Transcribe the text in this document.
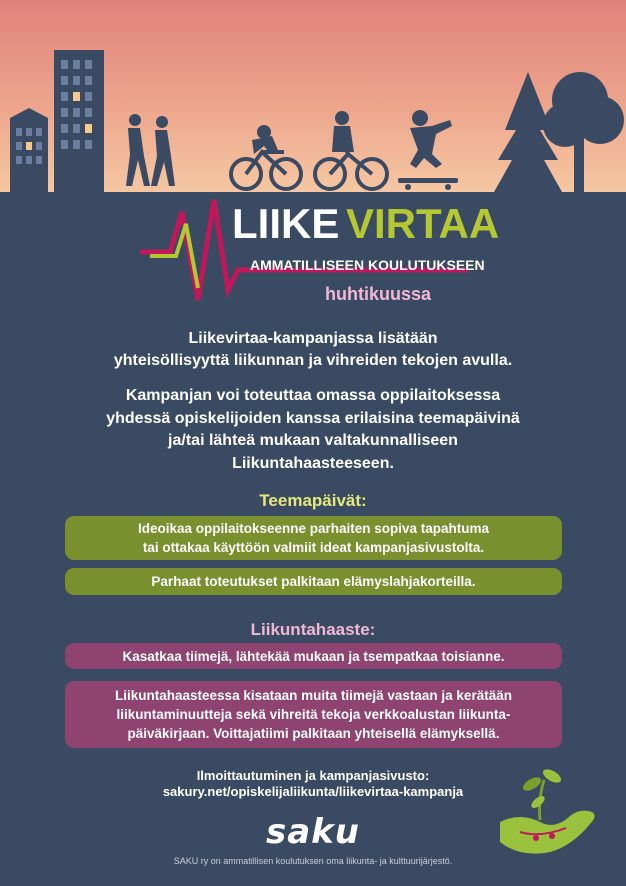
LIIKE VIRTAA
AMMATILLISEEN KOULUTUKSEEN
huhtikuussa
Liikevirtaa-kampanjassa lisätään
yhteisöllisyyttä liikunnan ja vihreiden tekojen avulla.
Kampanjan voi toteuttaa omassa oppilaitoksessa
yhdessä opiskelijoiden kanssa erilaisina teemapäivinä
ja/tai lähteä mukaan valtakunnalliseen
Liikuntahaasteeseen.
Teemapäivät:
Ideoikaa oppilaitokseenne parhaiten sopiva tapahtuma
tai ottakaa käyttöön valmiit ideat kampanjasivustolta.
Parhaat toteutukset palkitaan elämyslahjakorteilla.
Liikuntahaaste:
Kasatkaa tiimejä, lähtekää mukaan ja tsempatkaa toisianne.
Liikuntahaasteessa kisataan muita tiimejä vastaan ja kerätään
liikuntaminuutteja sekä vihreitä tekoja verkkoalustan liikunta-
päiväkirjaan. Voittajatiimi palkitaan yhteisellä elämyksellä.
Ilmoittautuminen ja kampanjasivusto:
sakury.net/opiskelijaliikunta/liikevirtaa-kampanja
saku
SAKU ry on ammatillisen koulutuksen oma liikunta- ja kulttuurijärjestö.
